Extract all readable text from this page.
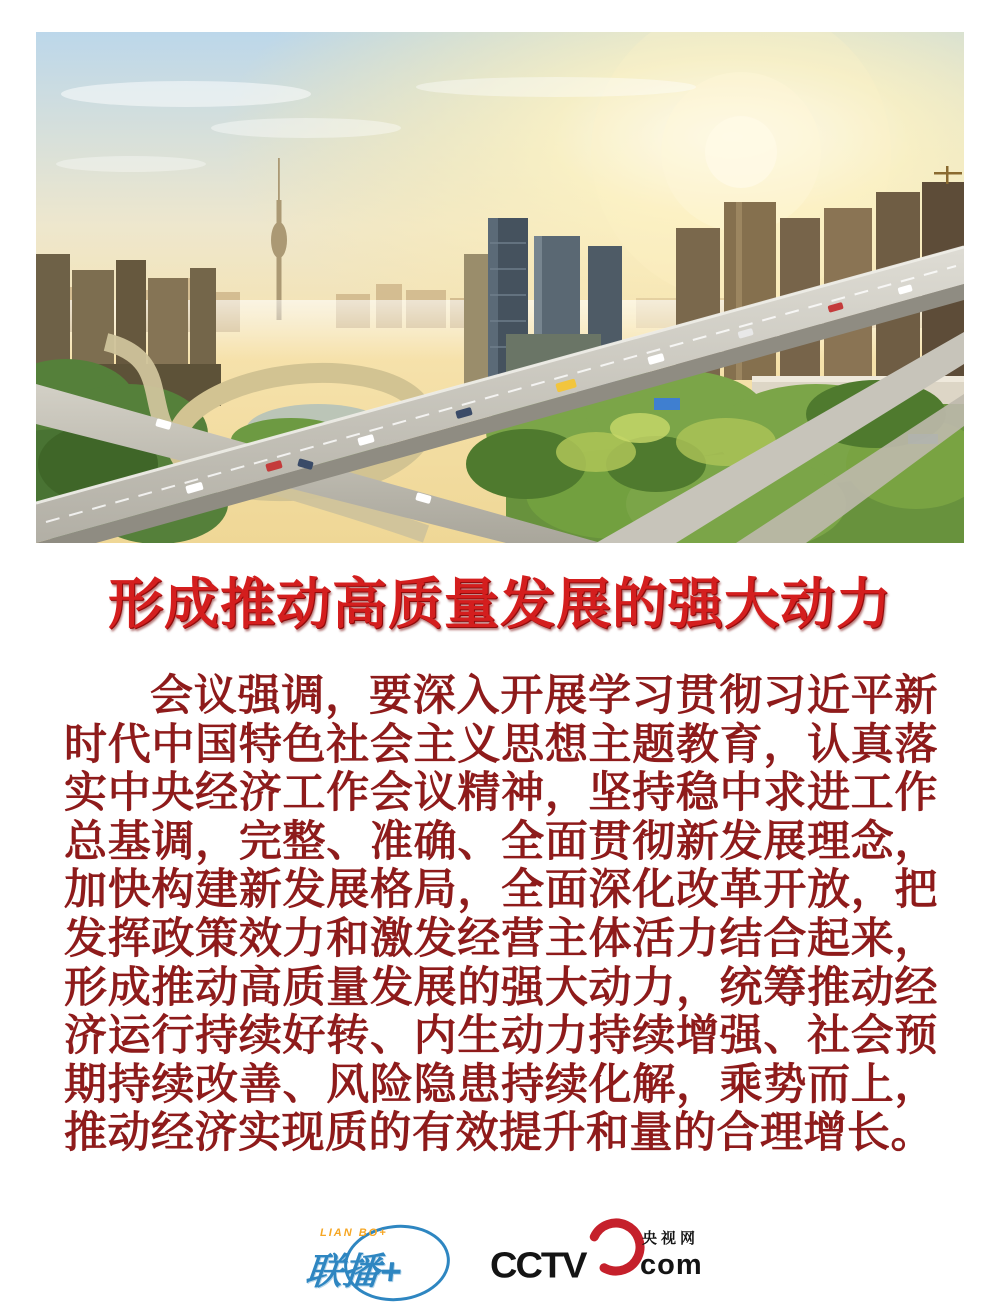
形成推动高质量发展的强大动力
会议强调，要深入开展学习贯彻习近平新时代中国特色社会主义思想主题教育，认真落实中央经济工作会议精神，坚持稳中求进工作总基调，完整、准确、全面贯彻新发展理念，加快构建新发展格局，全面深化改革开放，把发挥政策效力和激发经营主体活力结合起来，形成推动高质量发展的强大动力，统筹推动经济运行持续好转、内生动力持续增强、社会预期持续改善、风险隐患持续化解，乘势而上，推动经济实现质的有效提升和量的合理增长。
LIAN BO+
联播+ CCTV
央视网
com
